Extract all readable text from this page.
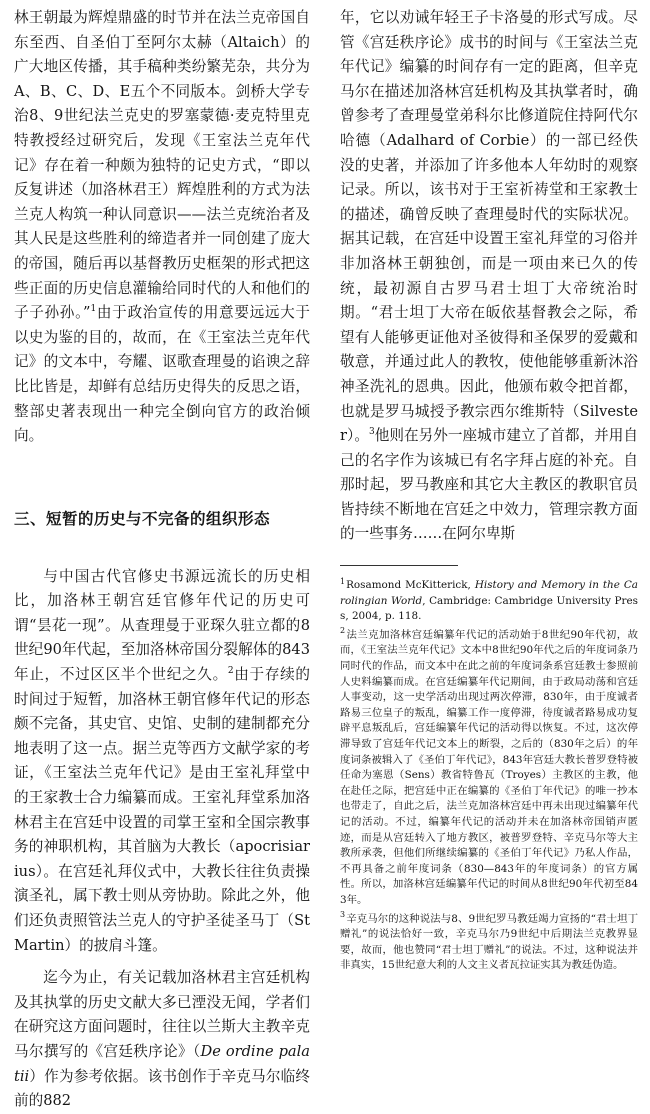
林王朝最为辉煌鼎盛的时节并在法兰克帝国自东至西、自圣伯丁至阿尔太赫（Altaich）的广大地区传播，其手稿种类纷繁芜杂，共分为A、B、C、D、E五个不同版本。剑桥大学专治8、9世纪法兰克史的罗塞蒙德·麦克特里克特教授经过研究后，发现《王室法兰克年代记》存在着一种颇为独特的记史方式，“即以反复讲述（加洛林君王）辉煌胜利的方式为法兰克人构筑一种认同意识——法兰克统治者及其人民是这些胜利的缔造者并一同创建了庞大的帝国，随后再以基督教历史框架的形式把这些正面的历史信息灌输给同时代的人和他们的子子孙孙。”$^1$由于政治宣传的用意要远远大于以史为鉴的目的，故而，在《王室法兰克年代记》的文本中，夸耀、讴歌查理曼的谄谀之辞比比皆是，却鲜有总结历史得失的反思之语，整部史著表现出一种完全倒向官方的政治倾向。

三、短暂的历史与不完备的组织形态

与中国古代官修史书源远流长的历史相比，加洛林王朝宫廷官修年代记的历史可谓“昙花一现”。从查理曼于亚琛久驻立都的8世纪90年代起，至加洛林帝国分裂解体的843年止，不过区区半个世纪之久。$^2$由于存续的时间过于短暂，加洛林王朝官修年代记的形态颇不完备，其史官、史馆、史制的建制都充分地表明了这一点。据兰克等西方文献学家的考证，《王室法兰克年代记》是由王室礼拜堂中的王家教士合力编纂而成。王室礼拜堂系加洛林君主在宫廷中设置的司掌王室和全国宗教事务的神职机构，其首脑为大教长（apocrisiarius）。在宫廷礼拜仪式中，大教长往往负责操演圣礼，属下教士则从旁协助。除此之外，他们还负责照管法兰克人的守护圣徒圣马丁（St Martin）的披肩斗篷。

迄今为止，有关记载加洛林君主宫廷机构及其执掌的历史文献大多已湮没无闻，学者们在研究这方面问题时，往往以兰斯大主教辛克马尔撰写的《宫廷秩序论》（De ordine palatii）作为参考依据。该书创作于辛克马尔临终前的882

年，它以劝诫年轻王子卡洛曼的形式写成。尽管《宫廷秩序论》成书的时间与《王室法兰克年代记》编纂的时间存有一定的距离，但辛克马尔在描述加洛林宫廷机构及其执掌者时，确曾参考了查理曼堂弟科尔比修道院住持阿代尔哈德（Adalhard of Corbie）的一部已经佚没的史著，并添加了许多他本人年幼时的观察记录。所以，该书对于王室祈祷堂和王家教士的描述，确曾反映了查理曼时代的实际状况。据其记载，在宫廷中设置王室礼拜堂的习俗并非加洛林王朝独创，而是一项由来已久的传统，最初源自古罗马君士坦丁大帝统治时期。“君士坦丁大帝在皈依基督教会之际，希望有人能够更证他对圣彼得和圣保罗的爱戴和敬意，并通过此人的教牧，使他能够重新沐浴神圣洗礼的恩典。因此，他颁布敕令把首都，也就是罗马城授予教宗西尔维斯特（Silvester）。$^3$他则在另外一座城市建立了首都，并用自己的名字作为该城已有名字拜占庭的补充。自那时起，罗马教座和其它大主教区的教职官员皆持续不断地在宫廷之中效力，管理宗教方面的一些事务……在阿尔卑斯

$^1$Rosamond McKitterick, History and Memory in the Carolingian World, Cambridge: Cambridge University Press, 2004, p. 118.

$^2$法兰克加洛林宫廷编纂年代记的活动始于8世纪90年代初，故而，《王室法兰克年代记》文本中8世纪90年代之后的年度词条乃同时代的作品，而文本中在此之前的年度词条系宫廷教士参照前人史料编纂而成。在宫廷编纂年代记期间，由于政局动荡和宫廷人事变动，这一史学活动出现过两次停滞，830年，由于度诚者路易三位皇子的叛乱，编纂工作一度停滞，待度诚者路易成功复辟平息叛乱后，宫廷编纂年代记的活动得以恢复。不过，这次停滞导致了宫廷年代记文本上的断裂，之后的（830年之后）的年度词条被辑入了《圣伯丁年代记》，843年宫廷大教长普罗登特被任命为塞恩（Sens）教省特鲁瓦（Troyes）主教区的主教，他在赴任之际，把宫廷中正在编纂的《圣伯丁年代记》的唯一抄本也带走了，自此之后，法兰克加洛林宫廷中再未出现过编纂年代记的活动。不过，编纂年代记的活动并未在加洛林帝国销声匿迹，而是从宫廷转入了地方教区，被普罗登特、辛克马尔等大主教所承袭，但他们所继续编纂的《圣伯丁年代记》乃私人作品，不再具备之前年度词条（830—843年的年度词条）的官方属性。所以，加洛林宫廷编纂年代记的时间从8世纪90年代初至843年。

$^3$辛克马尔的这种说法与8、9世纪罗马教廷竭力宣扬的“君士坦丁赠礼”的说法恰好一致，辛克马尔乃9世纪中后期法兰克教界显要，故而，他也赞同“君士坦丁赠礼”的说法。不过，这种说法并非真实，15世纪意大利的人文主义者瓦拉证实其为教廷伪造。
